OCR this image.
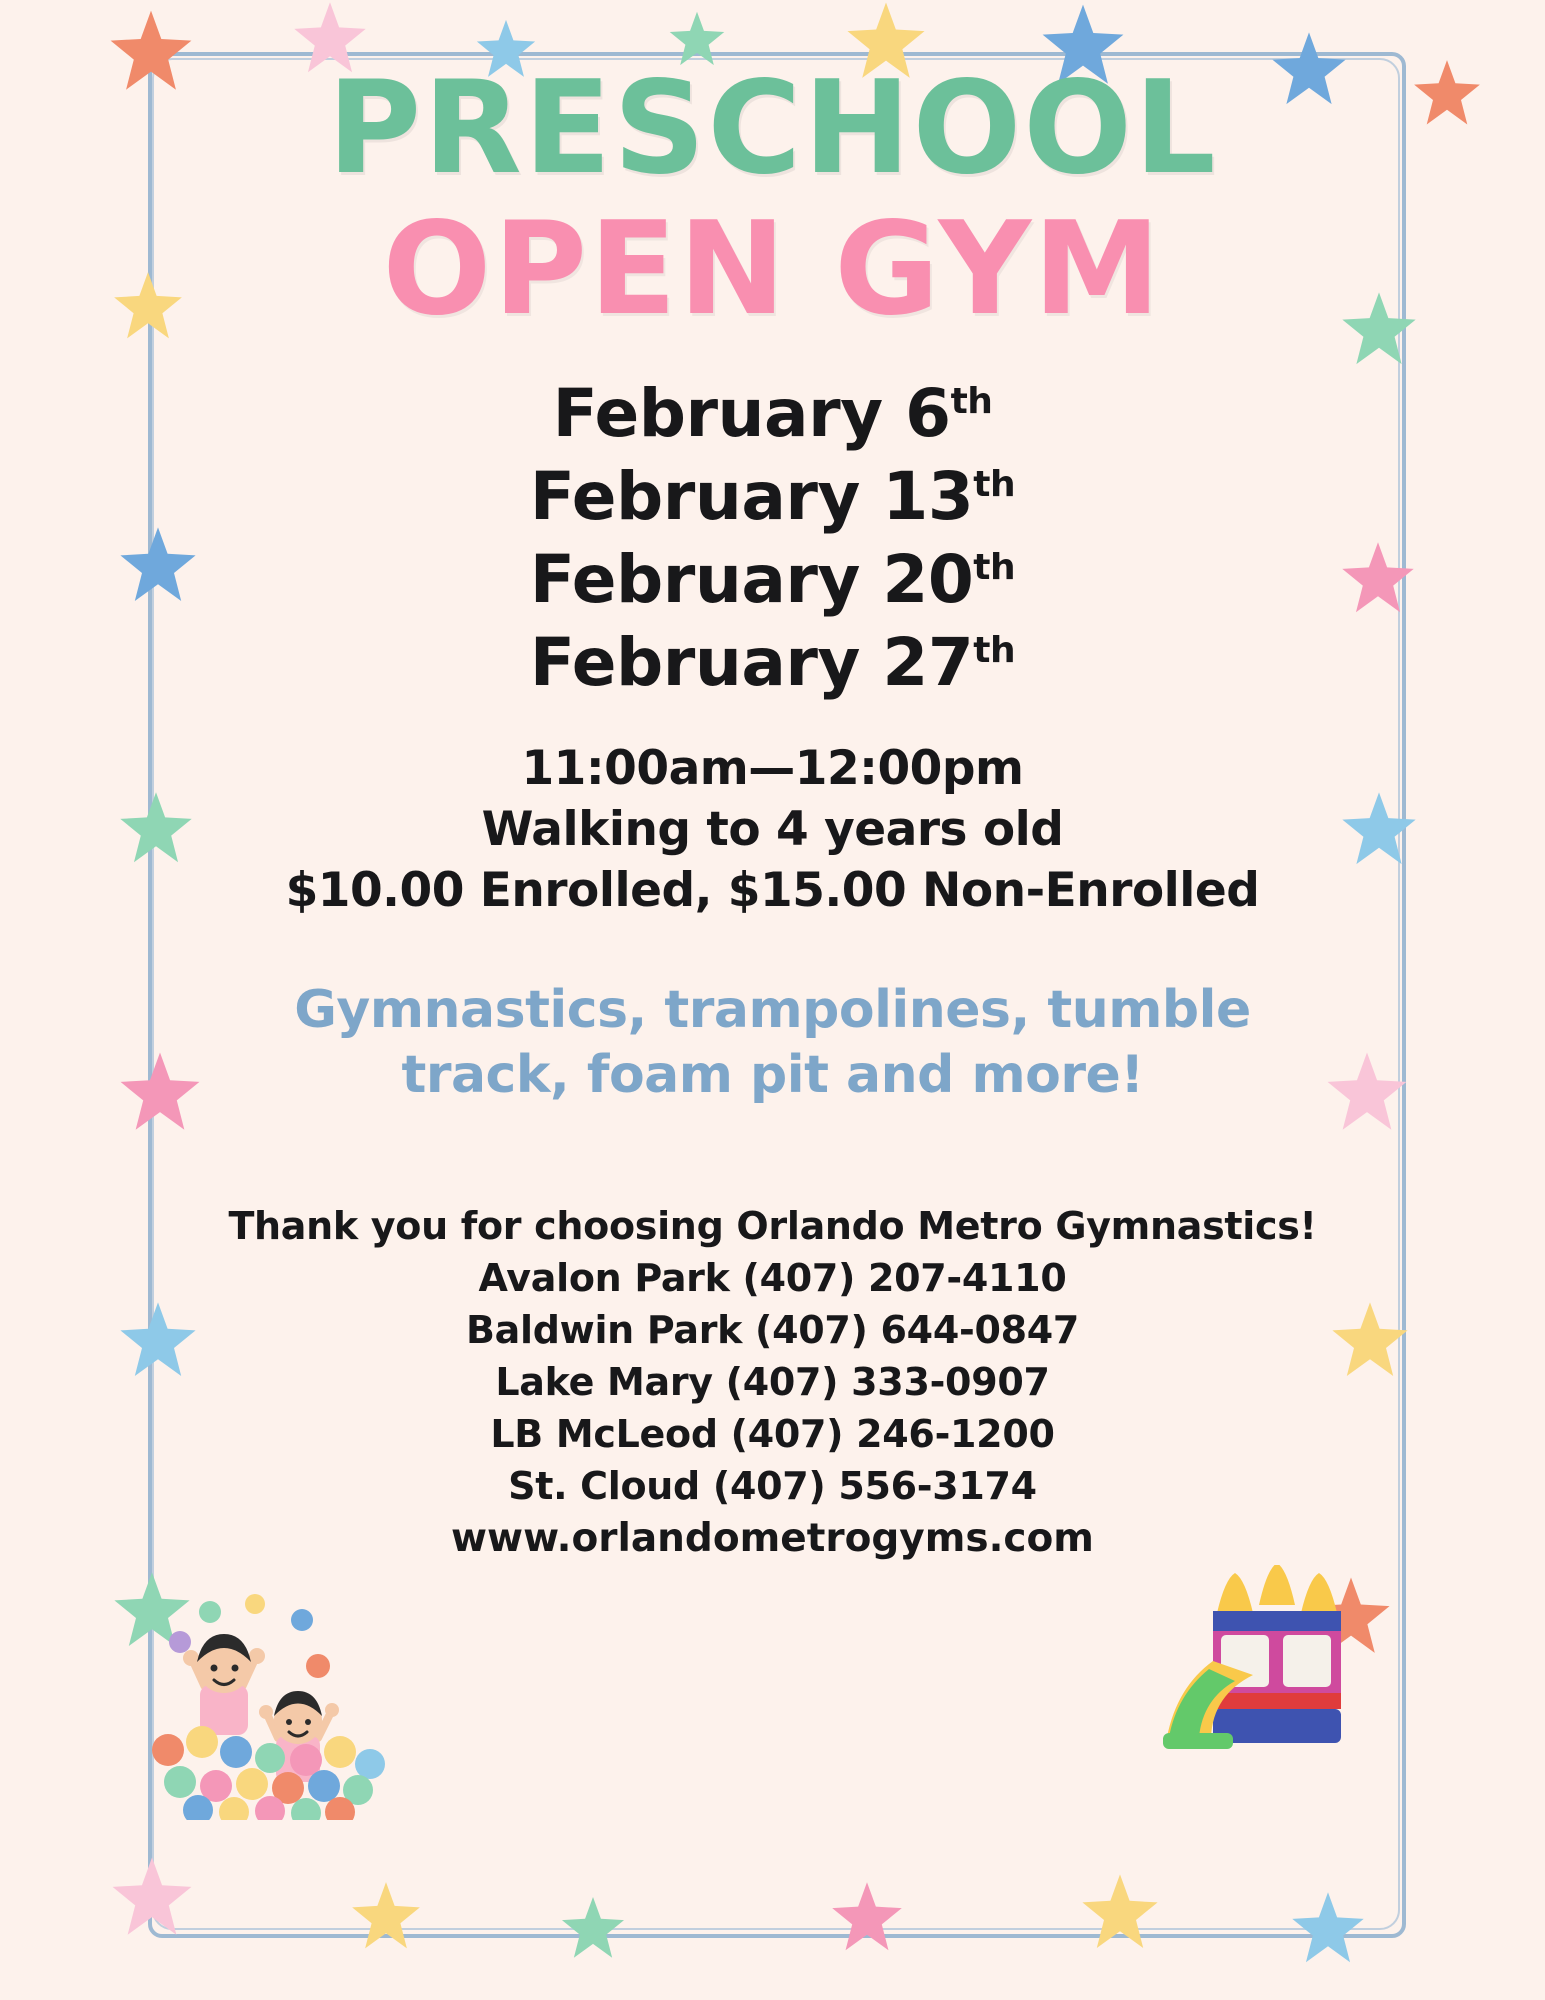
PRESCHOOL
OPEN GYM
February 6th
February 13th
February 20th
February 27th
11:00am—12:00pm
Walking to 4 years old
$10.00 Enrolled, $15.00 Non-Enrolled
Gymnastics, trampolines, tumble track, foam pit and more!
Thank you for choosing Orlando Metro Gymnastics!
Avalon Park (407) 207-4110
Baldwin Park (407) 644-0847
Lake Mary (407) 333-0907
LB McLeod (407) 246-1200
St. Cloud (407) 556-3174
www.orlandometrogyms.com
